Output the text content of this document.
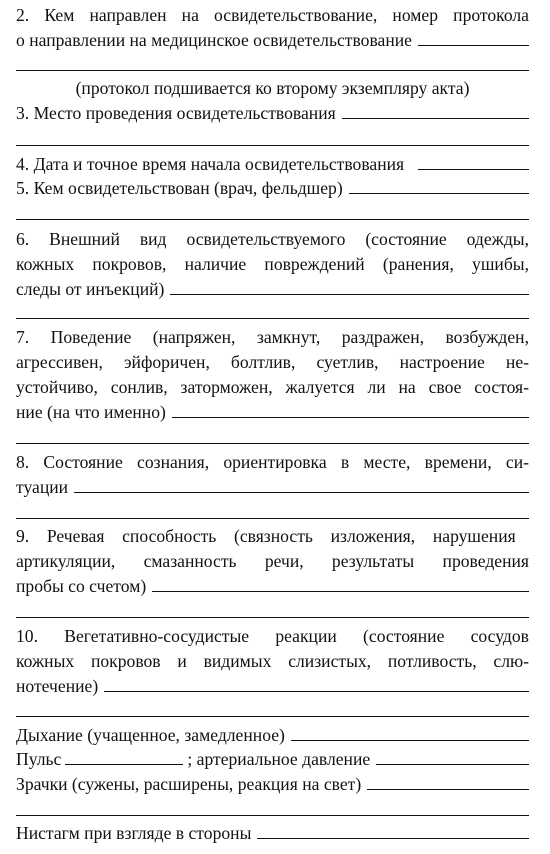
2. Кем направлен на освидетельствование, номер протокола
о направлении на медицинское освидетельствование
(протокол подшивается ко второму экземпляру акта)
3. Место проведения освидетельствования
4. Дата и точное время начала освидетельствования
5. Кем освидетельствован (врач, фельдшер)
6. Внешний вид освидетельствуемого (состояние одежды,
кожных покровов, наличие повреждений (ранения, ушибы,
следы от инъекций)
7. Поведение (напряжен, замкнут, раздражен, возбужден,
агрессивен, эйфоричен, болтлив, суетлив, настроение не-
устойчиво, сонлив, заторможен, жалуется ли на свое состоя-
ние (на что именно)
8. Состояние сознания, ориентировка в месте, времени, си-
туации
9. Речевая способность (связность изложения, нарушения
артикуляции, смазанность речи, результаты проведения
пробы со счетом)
10. Вегетативно-сосудистые реакции (состояние сосудов
кожных покровов и видимых слизистых, потливость, слю-
нотечение)
Дыхание (учащенное, замедленное)
Пульс	; артериальное давление
Зрачки (сужены, расширены, реакция на свет)
Нистагм при взгляде в стороны
